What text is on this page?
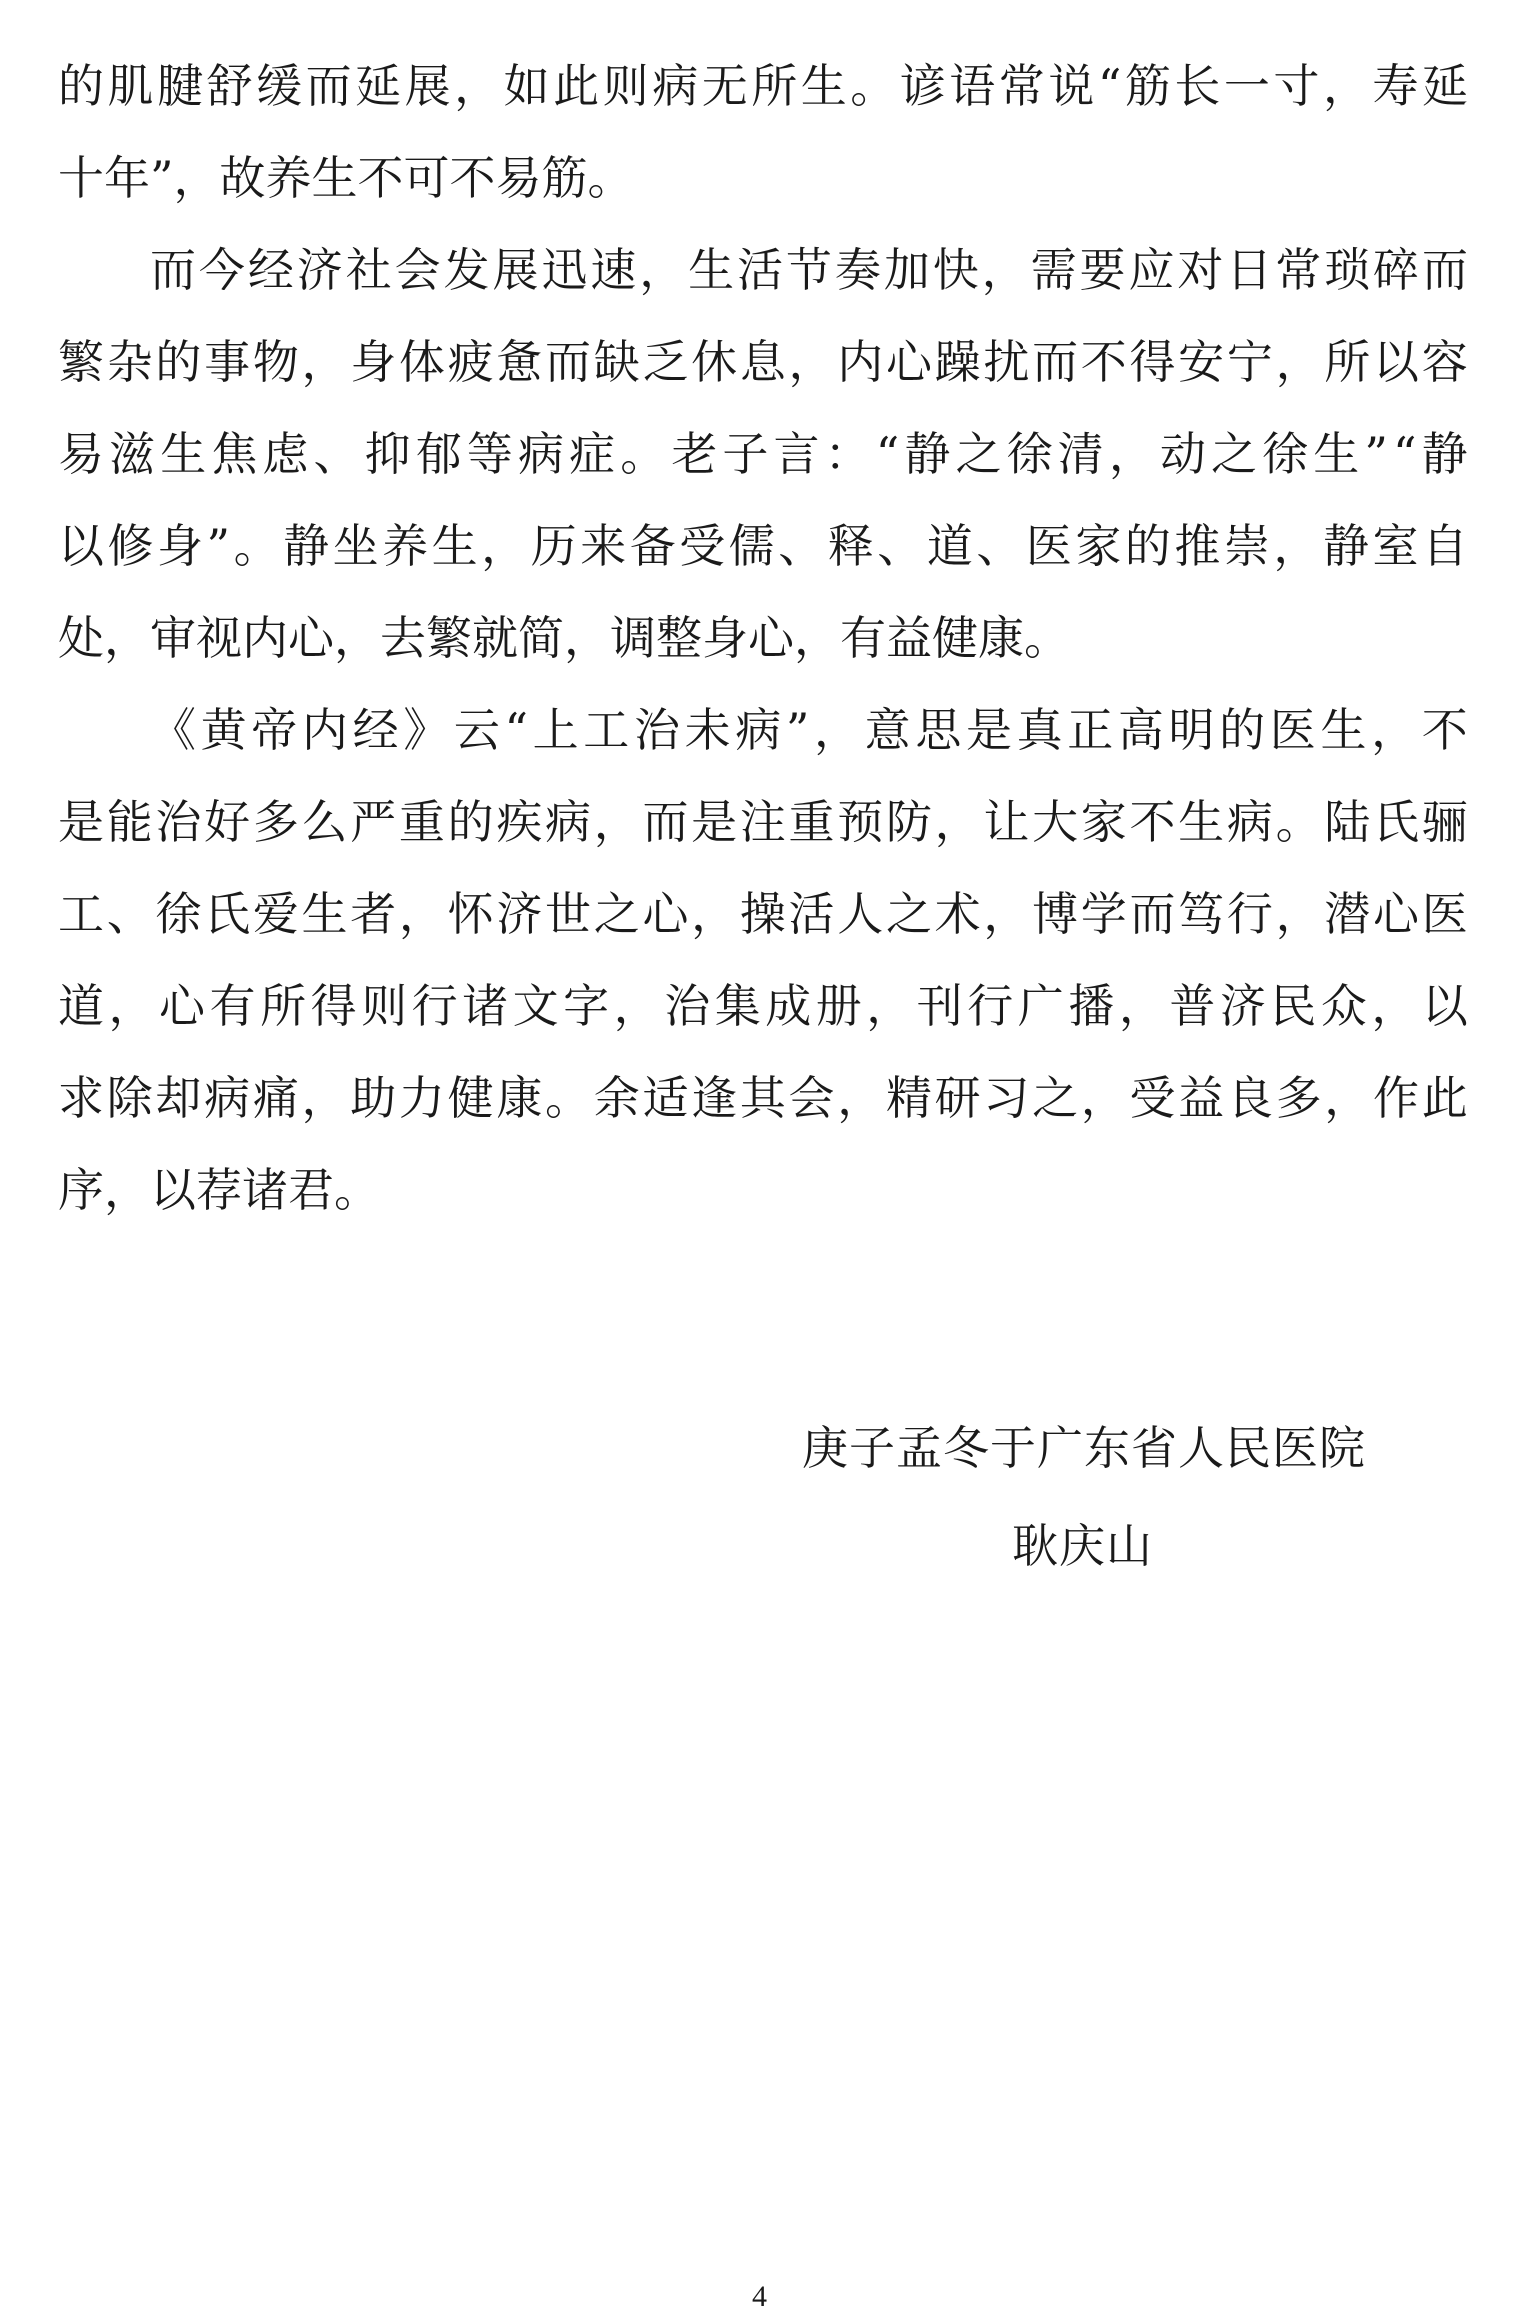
的 肌 腱 舒 缓 而 延 展 ， 如 此 则 病 无 所 生 。 谚 语 常 说 “ 筋 长 一 寸 ， 寿 延
十 年 ” ， 故 养 生 不 可 不 易 筋 。
而 今 经 济 社 会 发 展 迅 速 ， 生 活 节 奏 加 快 ， 需 要 应 对 日 常 琐 碎 而
繁 杂 的 事 物 ， 身 体 疲 惫 而 缺 乏 休 息 ， 内 心 躁 扰 而 不 得 安 宁 ， 所 以 容
易 滋 生 焦 虑 、 抑 郁 等 病 症 。 老 子 言 ： “ 静 之 徐 清 ， 动 之 徐 生 ” “ 静
以 修 身 ” 。 静 坐 养 生 ， 历 来 备 受 儒 、 释 、 道 、 医 家 的 推 崇 ， 静 室 自
处 ， 审 视 内 心 ， 去 繁 就 简 ， 调 整 身 心 ， 有 益 健 康 。
《 黄 帝 内 经 》 云 “ 上 工 治 未 病 ” ， 意 思 是 真 正 高 明 的 医 生 ， 不
是 能 治 好 多 么 严 重 的 疾 病 ， 而 是 注 重 预 防 ， 让 大 家 不 生 病 。 陆 氏 骊
工 、 徐 氏 爱 生 者 ， 怀 济 世 之 心 ， 操 活 人 之 术 ， 博 学 而 笃 行 ， 潜 心 医
道 ， 心 有 所 得 则 行 诸 文 字 ， 治 集 成 册 ， 刊 行 广 播 ， 普 济 民 众 ， 以
求 除 却 病 痛 ， 助 力 健 康 。 余 适 逢 其 会 ， 精 研 习 之 ， 受 益 良 多 ， 作 此
序 ， 以 荐 诸 君 。
庚子孟冬于广东省人民医院
耿庆山
4
